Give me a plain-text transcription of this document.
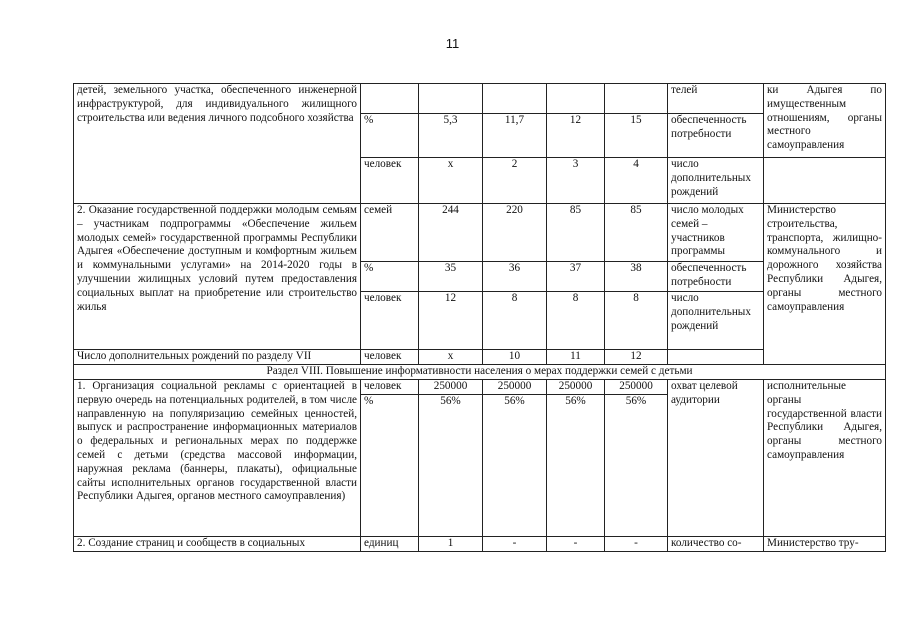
11
детей, земельного участка, обеспеченного инженерной инфраструктурой, для индивидуального жилищного строительства или ведения личного подсобного хозяйства						телей	ки Адыгея по имущественным отношениям, органы местного самоуправления
	%	5,3	11,7	12	15	обеспеченность потребности	
	человек	x	2	3	4	число дополнительных рождений	
2. Оказание государственной поддержки молодым семьям – участникам подпрограммы «Обеспечение жильем молодых семей» государственной программы Республики Адыгея «Обеспечение доступным и комфортным жильем и коммунальными услугами» на 2014-2020 годы в улучшении жилищных условий путем предоставления социальных выплат на приобретение или строительство жилья	семей	244	220	85	85	число молодых семей – участников программы	Министерство строительства, транспорта, жилищно-коммунального и дорожного хозяйства Республики Адыгея, органы местного самоуправления
	%	35	36	37	38	обеспеченность потребности	
	человек	12	8	8	8	число дополнительных рождений	
Число дополнительных рождений по разделу VII	человек	x	10	11	12		
Раздел VIII. Повышение информативности населения о мерах поддержки семей с детьми							
1. Организация социальной рекламы с ориентацией в первую очередь на потенциальных родителей, в том числе направленную на популяризацию семейных ценностей, выпуск и распространение информационных материалов о федеральных и региональных мерах по поддержке семей с детьми (средства массовой информации, наружная реклама (баннеры, плакаты), официальные сайты исполнительных органов государственной власти Республики Адыгея, органов местного самоуправления)	человек	250000	250000	250000	250000	охват целевой аудитории	исполнительные органы государственной власти Республики Адыгея, органы местного самоуправления
	%	56%	56%	56%	56%		
2. Создание страниц и сообществ в социальных	единиц	1	-	-	-	количество со-	Министерство тру-
